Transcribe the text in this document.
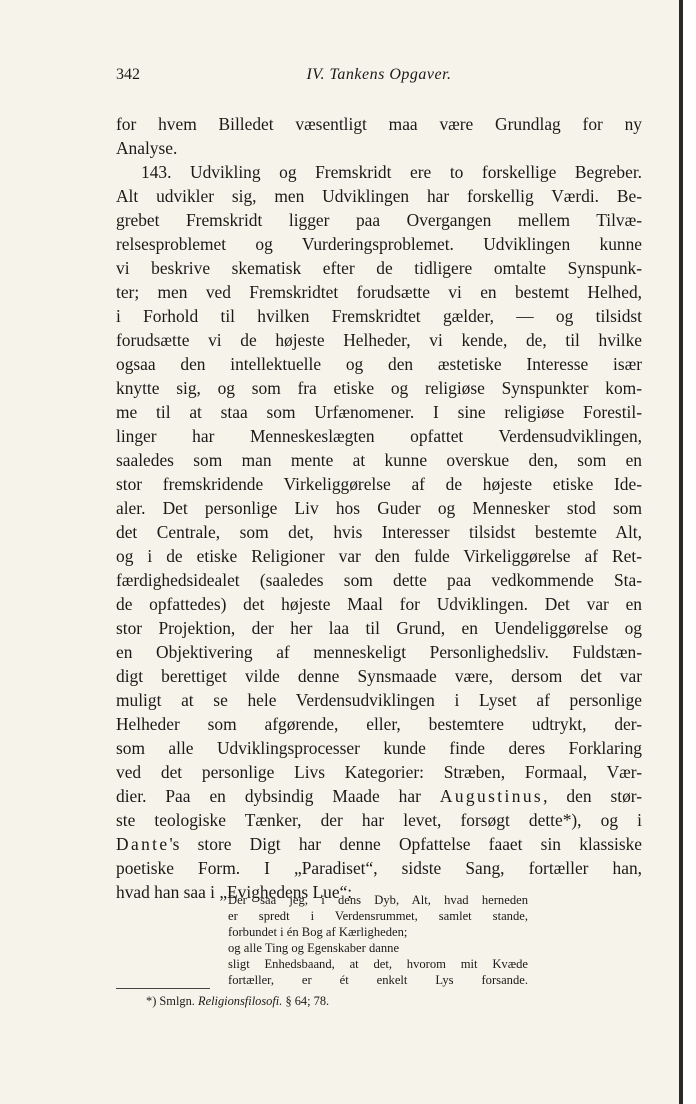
342	IV. Tankens Opgaver.
for hvem Billedet væsentligt maa være Grundlag for ny
Analyse.
143. Udvikling og Fremskridt ere to forskellige Begreber.
Alt udvikler sig, men Udviklingen har forskellig Værdi. Be-
grebet Fremskridt ligger paa Overgangen mellem Tilvæ-
relsesproblemet og Vurderingsproblemet. Udviklingen kunne
vi beskrive skematisk efter de tidligere omtalte Synspunk-
ter; men ved Fremskridtet forudsætte vi en bestemt Helhed,
i Forhold til hvilken Fremskridtet gælder, — og tilsidst
forudsætte vi de højeste Helheder, vi kende, de, til hvilke
ogsaa den intellektuelle og den æstetiske Interesse især
knytte sig, og som fra etiske og religiøse Synspunkter kom-
me til at staa som Urfænomener. I sine religiøse Forestil-
linger har Menneskeslægten opfattet Verdensudviklingen,
saaledes som man mente at kunne overskue den, som en
stor fremskridende Virkeliggørelse af de højeste etiske Ide-
aler. Det personlige Liv hos Guder og Mennesker stod som
det Centrale, som det, hvis Interesser tilsidst bestemte Alt,
og i de etiske Religioner var den fulde Virkeliggørelse af Ret-
færdighedsidealet (saaledes som dette paa vedkommende Sta-
de opfattedes) det højeste Maal for Udviklingen. Det var en
stor Projektion, der her laa til Grund, en Uendeliggørelse og
en Objektivering af menneskeligt Personlighedsliv. Fuldstæn-
digt berettiget vilde denne Synsmaade være, dersom det var
muligt at se hele Verdensudviklingen i Lyset af personlige
Helheder som afgørende, eller, bestemtere udtrykt, der-
som alle Udviklingsprocesser kunde finde deres Forklaring
ved det personlige Livs Kategorier: Stræben, Formaal, Vær-
dier. Paa en dybsindig Maade har Augustinus, den stør-
ste teologiske Tænker, der har levet, forsøgt dette*), og i
Dante's store Digt har denne Opfattelse faaet sin klassiske
poetiske Form. I „Paradiset“, sidste Sang, fortæller han,
hvad han saa i „Evighedens Lue“:
Der saa jeg, i dens Dyb, Alt, hvad herneden
er spredt i Verdensrummet, samlet stande,
forbundet i én Bog af Kærligheden;
og alle Ting og Egenskaber danne
sligt Enhedsbaand, at det, hvorom mit Kvæde
fortæller, er ét enkelt Lys forsande.
*) Smlgn. Religionsfilosofi. § 64; 78.
